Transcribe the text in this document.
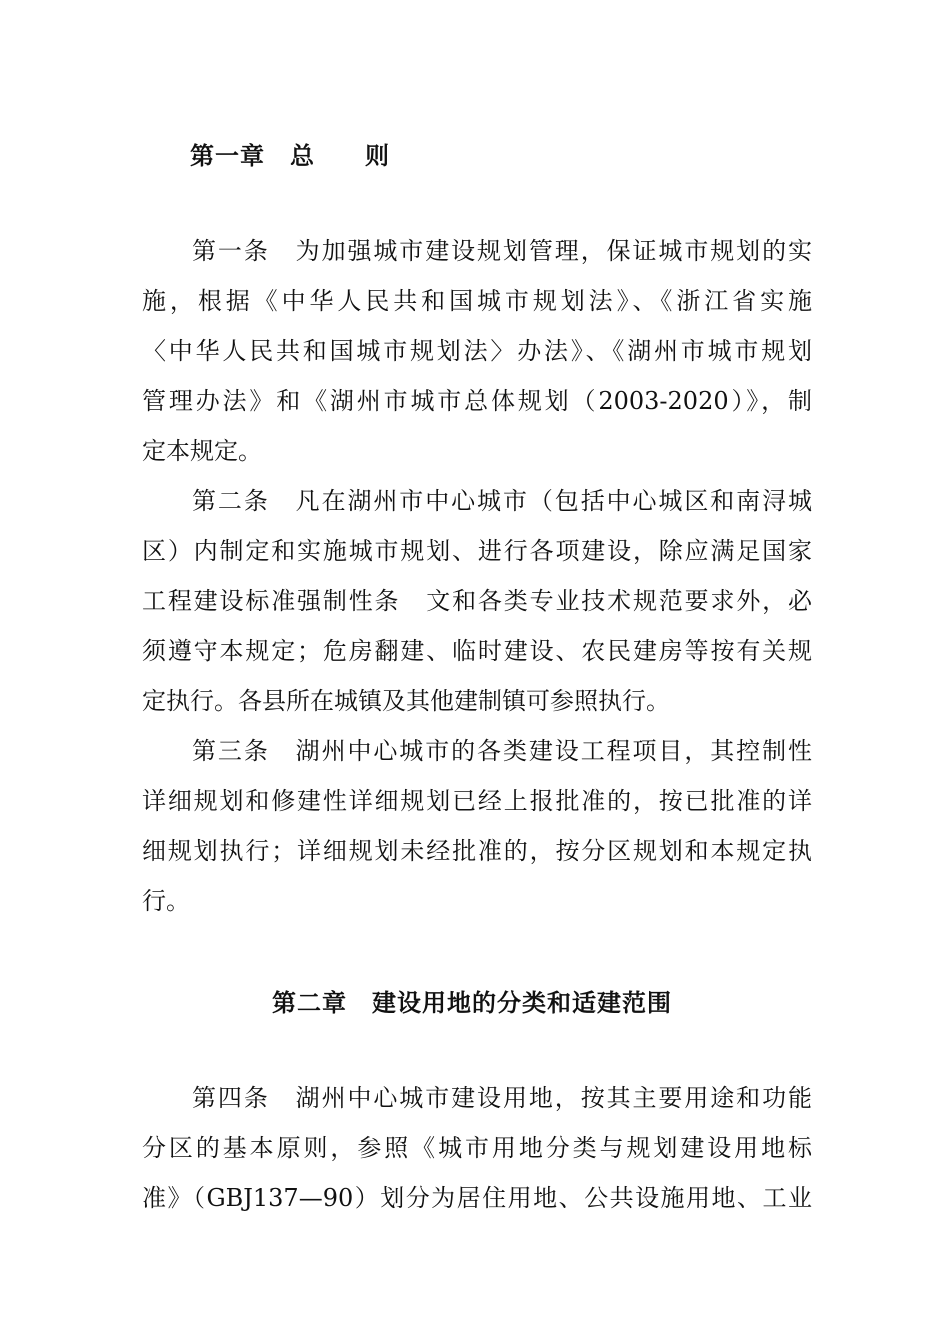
第一章　总　　则

第一条　为加强城市建设规划管理，保证城市规划的实

施，根据《中华人民共和国城市规划法》、《浙江省实施

〈中华人民共和国城市规划法〉办法》、《湖州市城市规划

管理办法》和《湖州市城市总体规划（2003-2020）》，制

定本规定。

第二条　凡在湖州市中心城市（包括中心城区和南浔城

区）内制定和实施城市规划、进行各项建设，除应满足国家

工程建设标准强制性条　文和各类专业技术规范要求外，必

须遵守本规定；危房翻建、临时建设、农民建房等按有关规

定执行。各县所在城镇及其他建制镇可参照执行。

第三条　湖州中心城市的各类建设工程项目，其控制性

详细规划和修建性详细规划已经上报批准的，按已批准的详

细规划执行；详细规划未经批准的，按分区规划和本规定执

行。

第二章　建设用地的分类和适建范围

第四条　湖州中心城市建设用地，按其主要用途和功能

分区的基本原则，参照《城市用地分类与规划建设用地标

准》（GBJ137—90）划分为居住用地、公共设施用地、工业
